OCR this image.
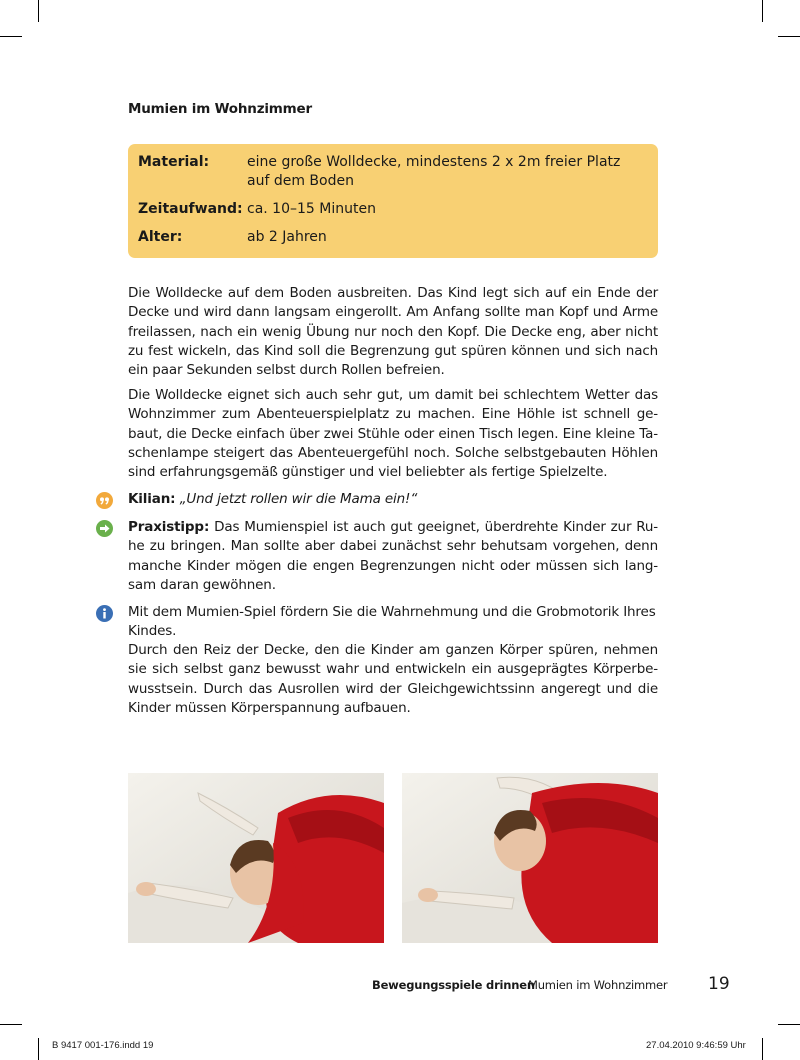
Mumien im Wohnzimmer
Material:	eine große Wolldecke, mindestens 2 x 2m freier Platz auf dem Boden
Zeitaufwand: ca. 10–15 Minuten
Alter:	ab 2 Jahren

Die Wolldecke auf dem Boden ausbreiten. Das Kind legt sich auf ein Ende der Decke und wird dann langsam eingerollt. Am Anfang sollte man Kopf und Arme freilassen, nach ein wenig Übung nur noch den Kopf. Die Decke eng, aber nicht zu fest wickeln, das Kind soll die Begrenzung gut spüren können und sich nach ein paar Sekunden selbst durch Rollen befreien.

Die Wolldecke eignet sich auch sehr gut, um damit bei schlechtem Wetter das Wohnzimmer zum Abenteuerspielplatz zu machen. Eine Höhle ist schnell ge-baut, die Decke einfach über zwei Stühle oder einen Tisch legen. Eine kleine Ta-schenlampe steigert das Abenteuergefühl noch. Solche selbstgebauten Höhlen sind erfahrungsgemäß günstiger und viel beliebter als fertige Spielzelte.

Kilian: „Und jetzt rollen wir die Mama ein!“

Praxistipp: Das Mumienspiel ist auch gut geeignet, überdrehte Kinder zur Ru-he zu bringen. Man sollte aber dabei zunächst sehr behutsam vorgehen, denn manche Kinder mögen die engen Begrenzungen nicht oder müssen sich lang-sam daran gewöhnen.

Mit dem Mumien-Spiel fördern Sie die Wahrnehmung und die Grobmotorik Ihres Kindes.

Durch den Reiz der Decke, den die Kinder am ganzen Körper spüren, nehmen sie sich selbst ganz bewusst wahr und entwickeln ein ausgeprägtes Körperbe-wusstsein. Durch das Ausrollen wird der Gleichgewichtssinn angeregt und die Kinder müssen Körperspannung aufbauen.

Bewegungsspiele drinnen
Mumien im Wohnzimmer 19
B 9417 001-176.indd 19	27.04.2010 9:46:59 Uhr
